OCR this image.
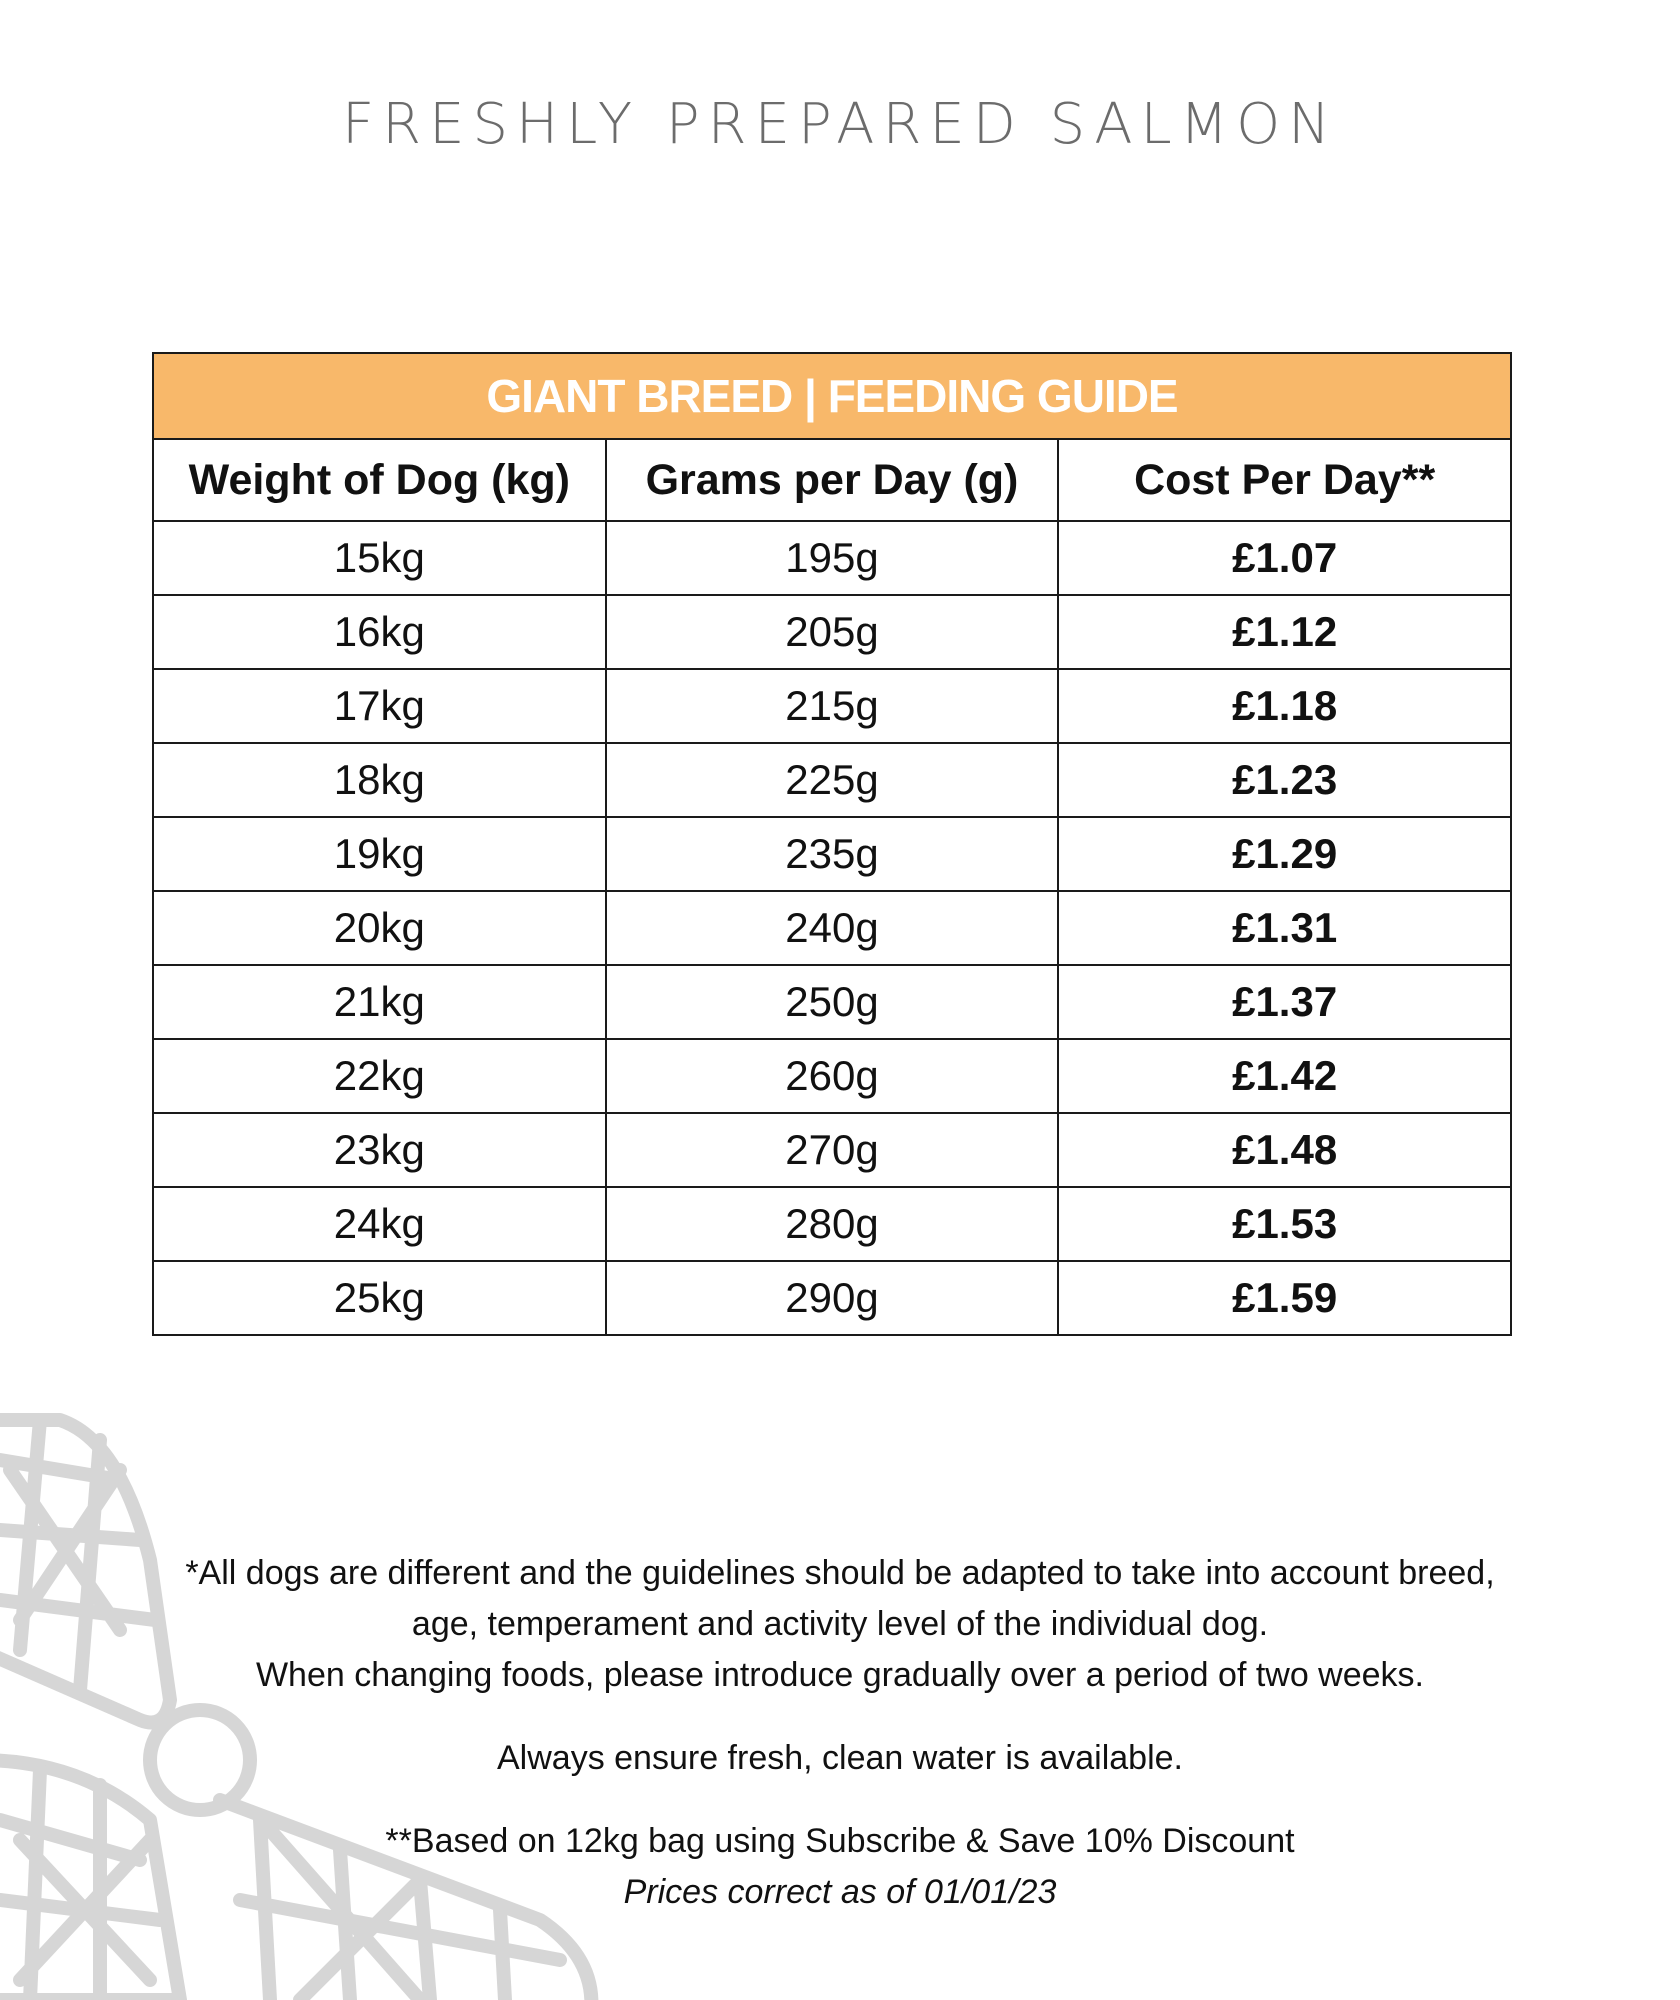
FRESHLY PREPARED SALMON
GIANT BREED | FEEDING GUIDE		
Weight of Dog (kg)	Grams per Day (g)	Cost Per Day**
15kg	195g	£1.07
16kg	205g	£1.12
17kg	215g	£1.18
18kg	225g	£1.23
19kg	235g	£1.29
20kg	240g	£1.31
21kg	250g	£1.37
22kg	260g	£1.42
23kg	270g	£1.48
24kg	280g	£1.53
25kg	290g	£1.59

*All dogs are different and the guidelines should be adapted to take into account breed,

age, temperament and activity level of the individual dog.

When changing foods, please introduce gradually over a period of two weeks.

Always ensure fresh, clean water is available.

**Based on 12kg bag using Subscribe & Save 10% Discount

Prices correct as of 01/01/23
